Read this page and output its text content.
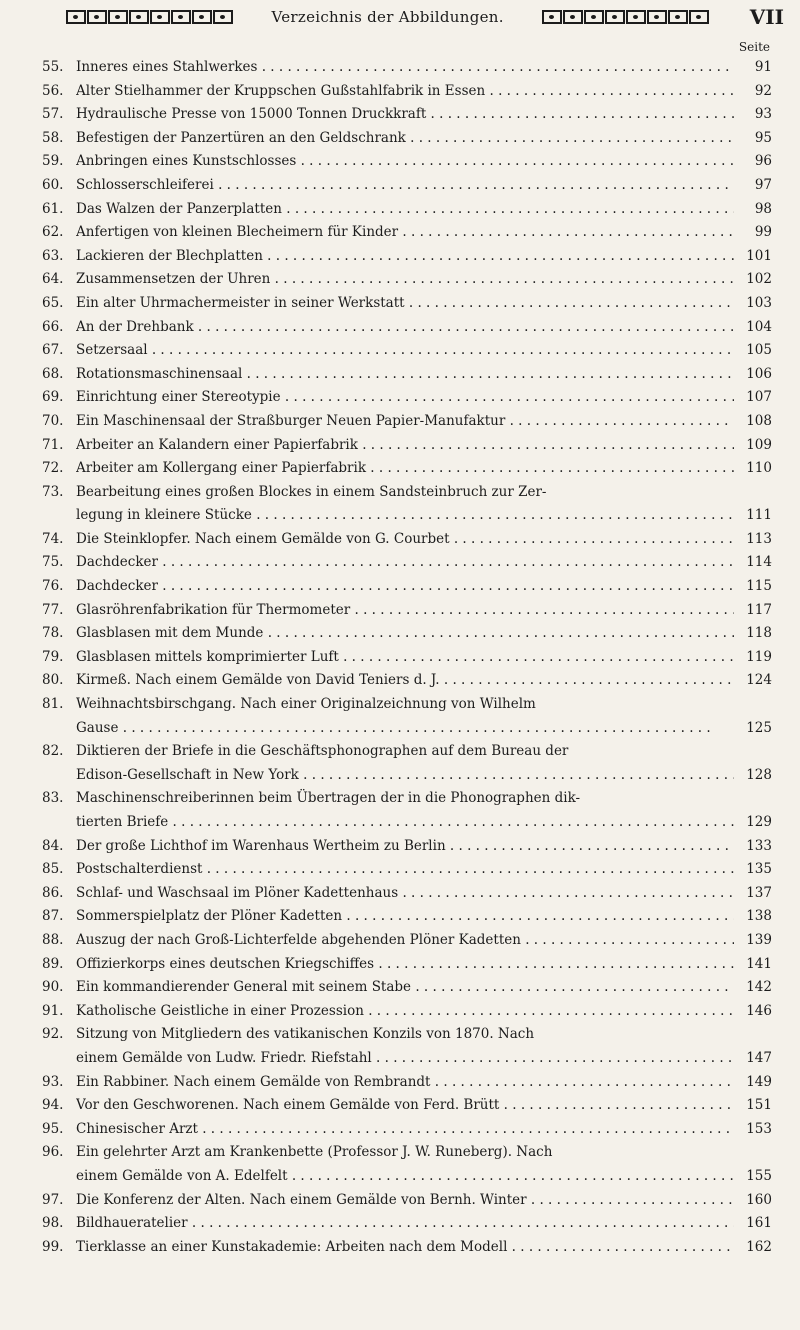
Verzeichnis der Abbildungen.	VII
Seite
55. Inneres eines Stahlwerkes . . .	91
56. Alter Stielhammer der Kruppschen Gußstahlfabrik in Essen . . .	92
57. Hydraulische Presse von 15000 Tonnen Druckkraft . . .	93
58. Befestigen der Panzertüren an den Geldschrank . . .	95
59. Anbringen eines Kunstschlosses . . .	96
60. Schlosserschleiferei . . .	97
61. Das Walzen der Panzerplatten . . .	98
62. Anfertigen von kleinen Blecheimern für Kinder . . .	99
63. Lackieren der Blechplatten . . .	101
64. Zusammensetzen der Uhren . . .	102
65. Ein alter Uhrmachermeister in seiner Werkstatt . . .	103
66. An der Drehbank . . .	104
67. Setzersaal . . .	105
68. Rotationsmaschinensaal . . .	106
69. Einrichtung einer Stereotypie . . .	107
70. Ein Maschinensaal der Straßburger Neuen Papier-Manufaktur . . .	108
71. Arbeiter an Kalandern einer Papierfabrik . . .	109
72. Arbeiter am Kollergang einer Papierfabrik . . .	110
73. Bearbeitung eines großen Blockes in einem Sandsteinbruch zur Zer-
legung in kleinere Stücke . . .	111
74. Die Steinklopfer. Nach einem Gemälde von G. Courbet . . .	113
75. Dachdecker . . .	114
76. Dachdecker . . .	115
77. Glasröhrenfabrikation für Thermometer . . .	117
78. Glasblasen mit dem Munde . . .	118
79. Glasblasen mittels komprimierter Luft . . .	119
80. Kirmeß. Nach einem Gemälde von David Teniers d. J. . . .	124
81. Weihnachtsbirschgang. Nach einer Originalzeichnung von Wilhelm
Gause . . .	125
82. Diktieren der Briefe in die Geschäftsphonographen auf dem Bureau der
Edison-Gesellschaft in New York . . .	128
83. Maschinenschreiberinnen beim Übertragen der in die Phonographen dik-
tierten Briefe . . .	129
84. Der große Lichthof im Warenhaus Wertheim zu Berlin . . .	133
85. Postschalterdienst . . .	135
86. Schlaf- und Waschsaal im Plöner Kadettenhaus . . .	137
87. Sommerspielplatz der Plöner Kadetten . . .	138
88. Auszug der nach Groß-Lichterfelde abgehenden Plöner Kadetten . . .	139
89. Offizierkorps eines deutschen Kriegschiffes . . .	141
90. Ein kommandierender General mit seinem Stabe . . .	142
91. Katholische Geistliche in einer Prozession . . .	146
92. Sitzung von Mitgliedern des vatikanischen Konzils von 1870. Nach
einem Gemälde von Ludw. Friedr. Riefstahl . . .	147
93. Ein Rabbiner. Nach einem Gemälde von Rembrandt . . .	149
94. Vor den Geschworenen. Nach einem Gemälde von Ferd. Brütt . . .	151
95. Chinesischer Arzt . . .	153
96. Ein gelehrter Arzt am Krankenbette (Professor J. W. Runeberg). Nach
einem Gemälde von A. Edelfelt . . .	155
97. Die Konferenz der Alten. Nach einem Gemälde von Bernh. Winter . . .	160
98. Bildhaueratelier . . .	161
99. Tierklasse an einer Kunstakademie: Arbeiten nach dem Modell . . .	162
